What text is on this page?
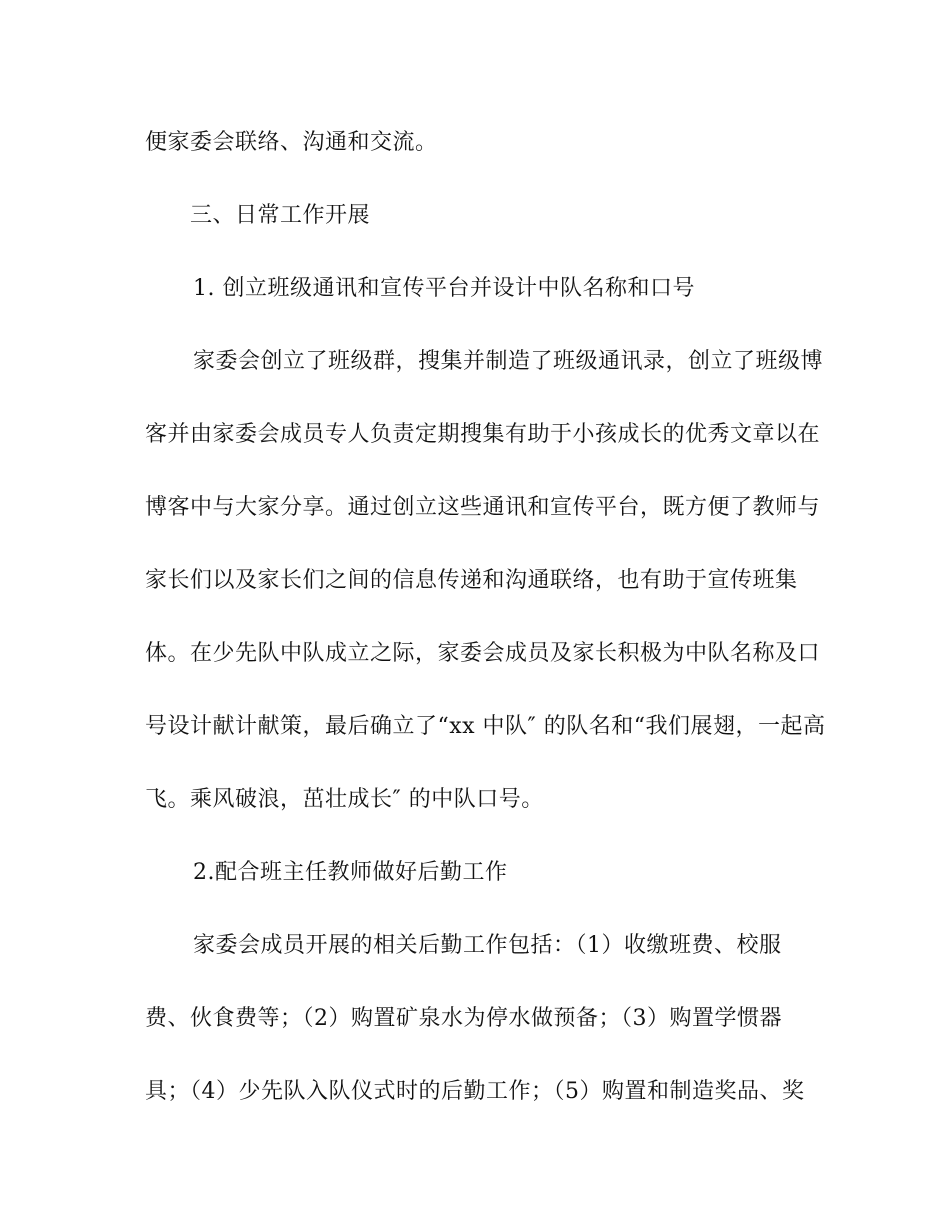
便家委会联络、沟通和交流。
三、日常工作开展
1. 创立班级通讯和宣传平台并设计中队名称和口号
家委会创立了班级群，搜集并制造了班级通讯录，创立了班级博
客并由家委会成员专人负责定期搜集有助于小孩成长的优秀文章以在
博客中与大家分享。通过创立这些通讯和宣传平台，既方便了教师与
家长们以及家长们之间的信息传递和沟通联络，也有助于宣传班集
体。在少先队中队成立之际，家委会成员及家长积极为中队名称及口
号设计献计献策，最后确立了“xx 中队″ 的队名和“我们展翅，一起高
飞。乘风破浪，茁壮成长″ 的中队口号。
2.配合班主任教师做好后勤工作
家委会成员开展的相关后勤工作包括：（1）收缴班费、校服
费、伙食费等；（2）购置矿泉水为停水做预备；（3）购置学惯器
具；（4）少先队入队仪式时的后勤工作；（5）购置和制造奖品、奖
